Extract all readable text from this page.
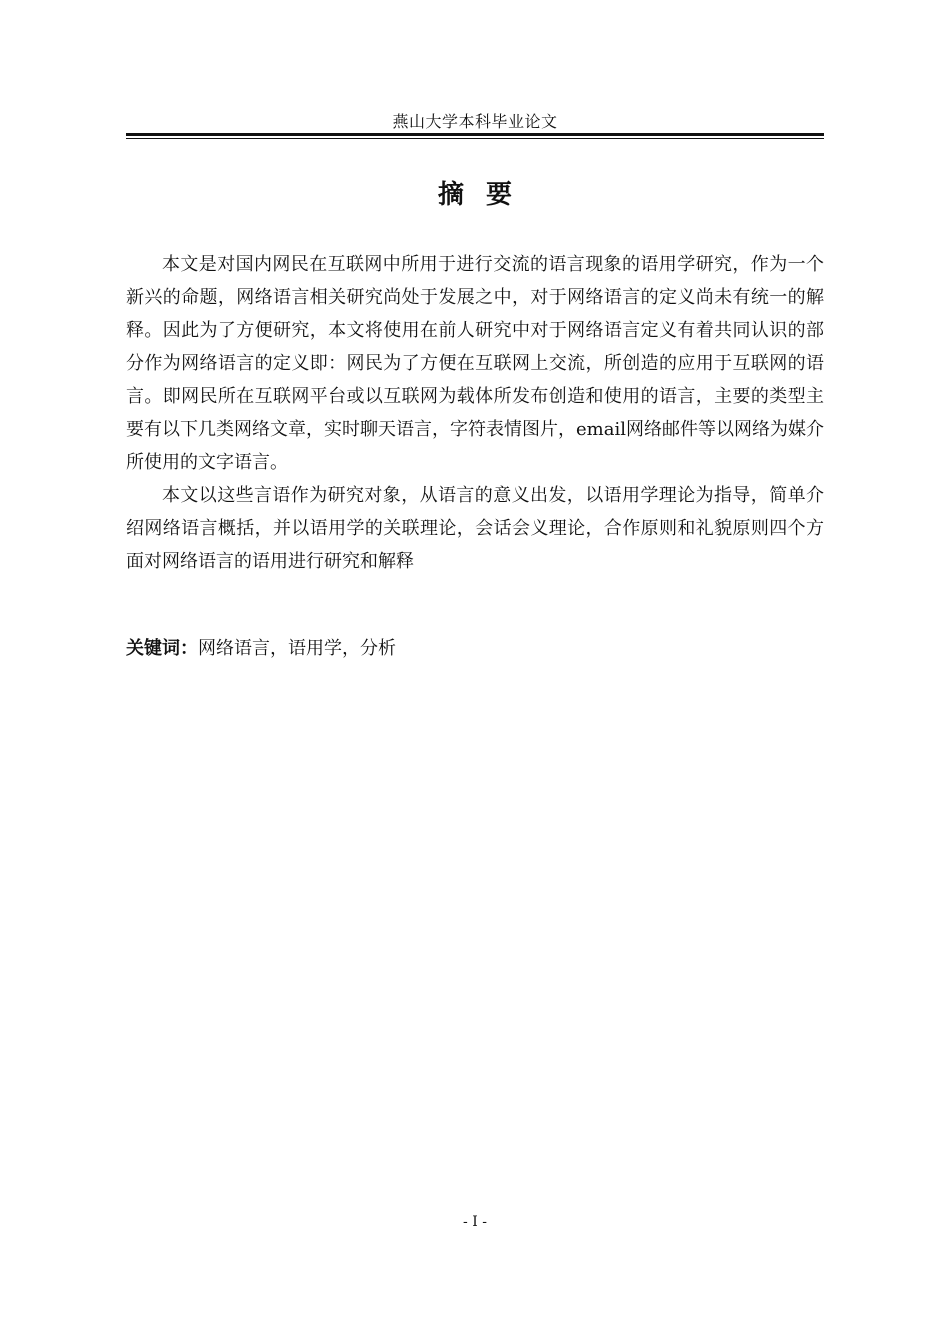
燕山大学本科毕业论文
摘要

本文是对国内网民在互联网中所用于进行交流的语言现象的语用学研究，作为一个新兴的命题，网络语言相关研究尚处于发展之中，对于网络语言的定义尚未有统一的解释。因此为了方便研究，本文将使用在前人研究中对于网络语言定义有着共同认识的部分作为网络语言的定义即：网民为了方便在互联网上交流，所创造的应用于互联网的语言。即网民所在互联网平台或以互联网为载体所发布创造和使用的语言，主要的类型主要有以下几类网络文章，实时聊天语言，字符表情图片，email网络邮件等以网络为媒介所使用的文字语言。

本文以这些言语作为研究对象，从语言的意义出发，以语用学理论为指导，简单介绍网络语言概括，并以语用学的关联理论，会话会义理论，合作原则和礼貌原则四个方面对网络语言的语用进行研究和解释

关键词：网络语言，语用学，分析
- I -
